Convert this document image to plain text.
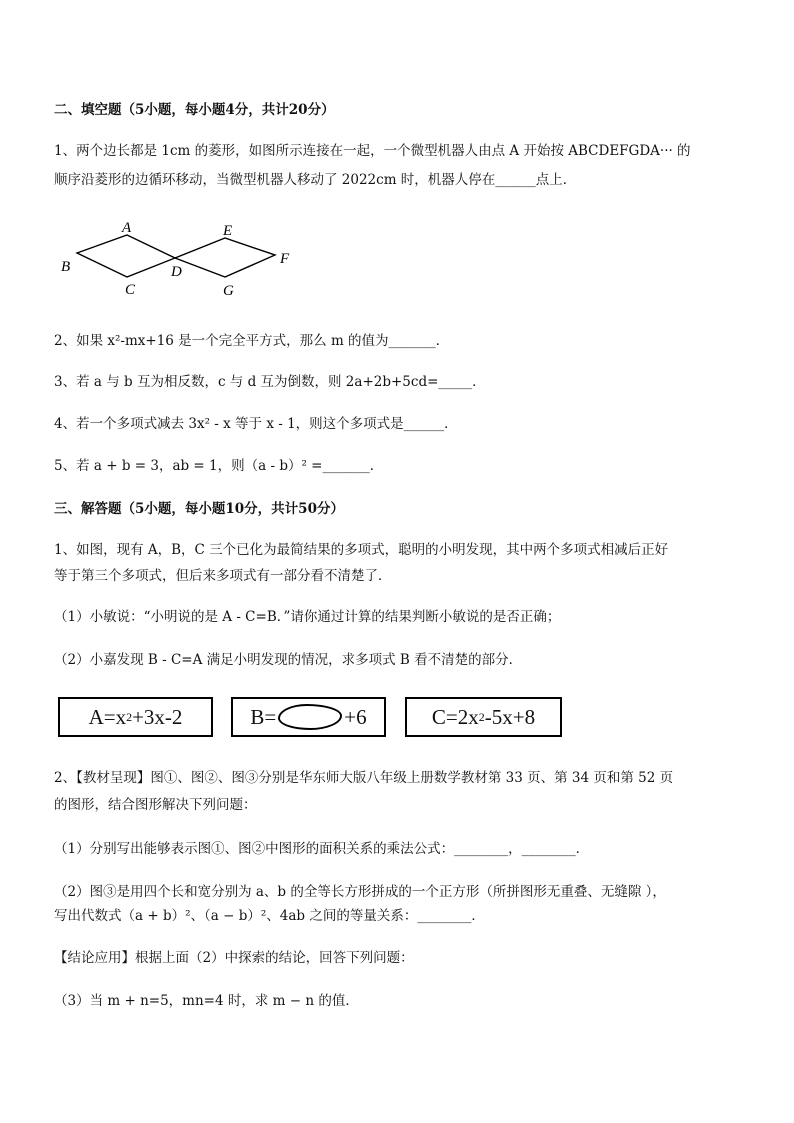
二、填空题（5小题，每小题4分，共计20分）
1、两个边长都是 1cm 的菱形，如图所示连接在一起，一个微型机器人由点 A 开始按 ABCDEFGDA··· 的
顺序沿菱形的边循环移动，当微型机器人移动了 2022cm 时，机器人停在______点上．
A
B
C
D
E
F
G
2、如果 x²-mx+16 是一个完全平方式，那么 m 的值为_______．
3、若 a 与 b 互为相反数，c 与 d 互为倒数，则 2a+2b+5cd=_____．
4、若一个多项式减去 3x² - x 等于 x - 1，则这个多项式是______．
5、若 a + b = 3，ab = 1，则（a - b）² =_______．
三、解答题（5小题，每小题10分，共计50分）
1、如图，现有 A，B，C 三个已化为最简结果的多项式，聪明的小明发现，其中两个多项式相减后正好
等于第三个多项式，但后来多项式有一部分看不清楚了．
（1）小敏说：“小明说的是 A - C=B．”请你通过计算的结果判断小敏说的是否正确；
（2）小嘉发现 B - C=A 满足小明发现的情况，求多项式 B 看不清楚的部分．
A=x 2 +3x-2	B=	+6	C=2x 2 -5x+8
2、【教材呈现】图①、图②、图③分别是华东师大版八年级上册数学教材第 33 页、第 34 页和第 52 页
的图形，结合图形解决下列问题：
（1）分别写出能够表示图①、图②中图形的面积关系的乘法公式：________，________．
（2）图③是用四个长和宽分别为 a、b 的全等长方形拼成的一个正方形（所拼图形无重叠、无缝隙 ），
写出代数式（a + b）²、（a − b）²、4ab 之间的等量关系：________．
【结论应用】根据上面（2）中探索的结论，回答下列问题：
（3）当 m + n=5，mn=4 时，求 m − n 的值．
